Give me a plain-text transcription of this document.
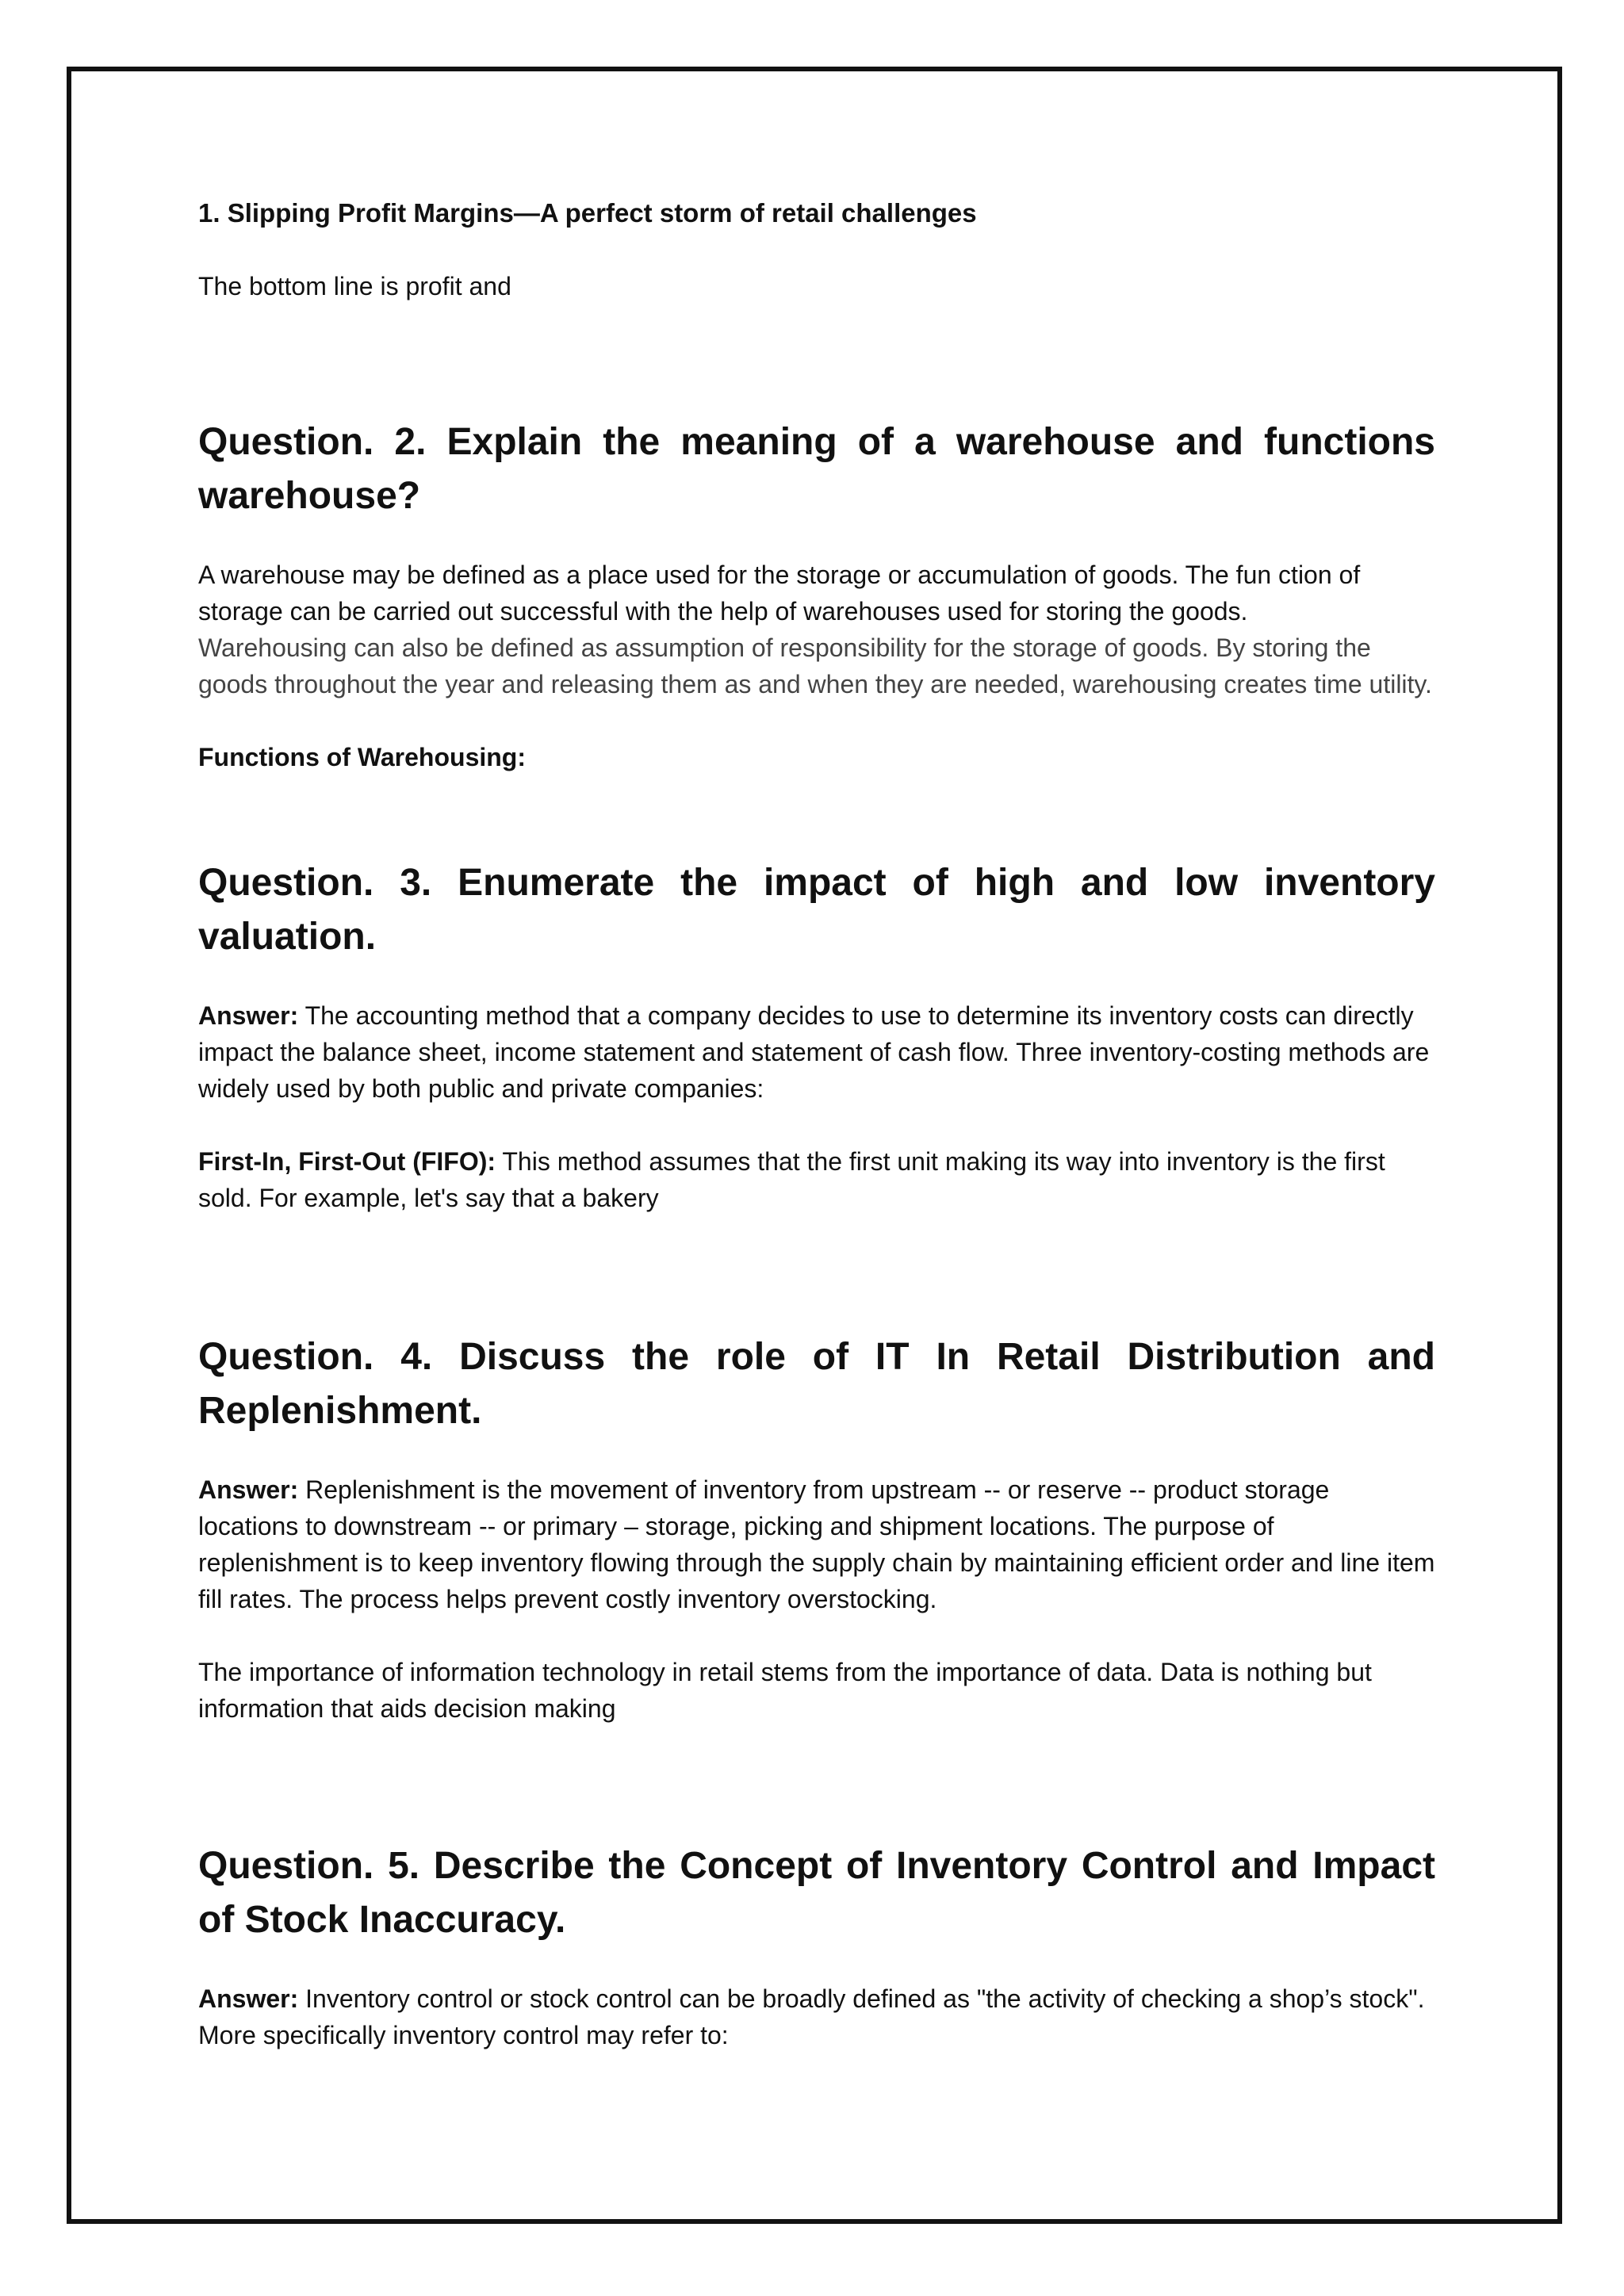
1. Slipping Profit Margins—A perfect storm of retail challenges

The bottom line is profit and

Question. 2. Explain the meaning of a warehouse and functions warehouse?

A warehouse may be defined as a place used for the storage or accumulation of goods. The fun ction of storage can be carried out successful with the help of warehouses used for storing the goods.

Warehousing can also be defined as assumption of responsibility for the storage of goods. By storing the goods throughout the year and releasing them as and when they are needed, warehousing creates time utility.

Functions of Warehousing:

Question. 3. Enumerate the impact of high and low inventory valuation.

Answer: The accounting method that a company decides to use to determine its inventory costs can directly impact the balance sheet, income statement and statement of cash flow. Three inventory-costing methods are widely used by both public and private companies:

First-In, First-Out (FIFO): This method assumes that the first unit making its way into inventory is the first sold. For example, let's say that a bakery

Question. 4. Discuss the role of IT In Retail Distribution and Replenishment.

Answer: Replenishment is the movement of inventory from upstream -- or reserve -- product storage locations to downstream -- or primary – storage, picking and shipment locations. The purpose of replenishment is to keep inventory flowing through the supply chain by maintaining efficient order and line item fill rates. The process helps prevent costly inventory overstocking.

The importance of information technology in retail stems from the importance of data. Data is nothing but information that aids decision making

Question. 5. Describe the Concept of Inventory Control and Impact of Stock Inaccuracy.

Answer: Inventory control or stock control can be broadly defined as "the activity of checking a shop’s stock". More specifically inventory control may refer to:
